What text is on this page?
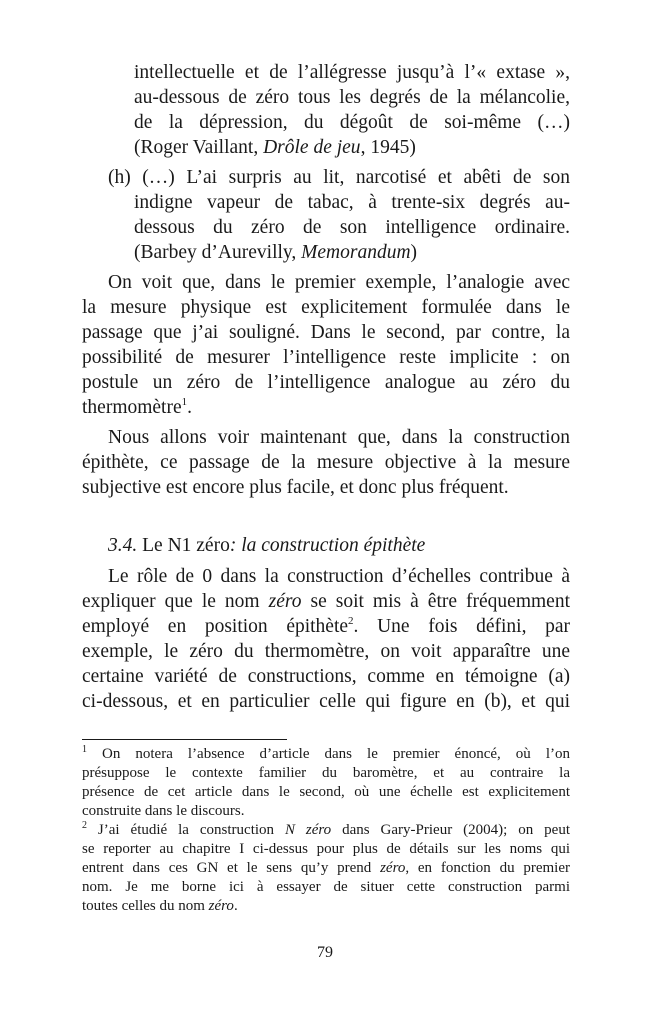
intellectuelle et de l’allégresse jusqu’à l’« extase »,
au-dessous de zéro tous les degrés de la mélancolie,
de la dépression, du dégoût de soi-même (…)
(Roger Vaillant, Drôle de jeu, 1945)
(h) (…) L’ai surpris au lit, narcotisé et abêti de son
indigne vapeur de tabac, à trente-six degrés au-
dessous du zéro de son intelligence ordinaire.
(Barbey d’Aurevilly, Memorandum)
On voit que, dans le premier exemple, l’analogie avec
la mesure physique est explicitement formulée dans le
passage que j’ai souligné. Dans le second, par contre, la
possibilité de mesurer l’intelligence reste implicite : on
postule un zéro de l’intelligence analogue au zéro du
thermomètre$^1$.
Nous allons voir maintenant que, dans la construction
épithète, ce passage de la mesure objective à la mesure
subjective est encore plus facile, et donc plus fréquent.
3.4. Le N1 zéro: la construction épithète
Le rôle de 0 dans la construction d’échelles contribue à
expliquer que le nom zéro se soit mis à être fréquemment
employé en position épithète$^2$. Une fois défini, par
exemple, le zéro du thermomètre, on voit apparaître une
certaine variété de constructions, comme en témoigne (a)
ci-dessous, et en particulier celle qui figure en (b), et qui
$^1$ On notera l’absence d’article dans le premier énoncé, où l’on
présuppose le contexte familier du baromètre, et au contraire la
présence de cet article dans le second, où une échelle est explicitement
construite dans le discours.
$^2$ J’ai étudié la construction N zéro dans Gary-Prieur (2004); on peut
se reporter au chapitre I ci-dessus pour plus de détails sur les noms qui
entrent dans ces GN et le sens qu’y prend zéro, en fonction du premier
nom. Je me borne ici à essayer de situer cette construction parmi
toutes celles du nom zéro.
79
